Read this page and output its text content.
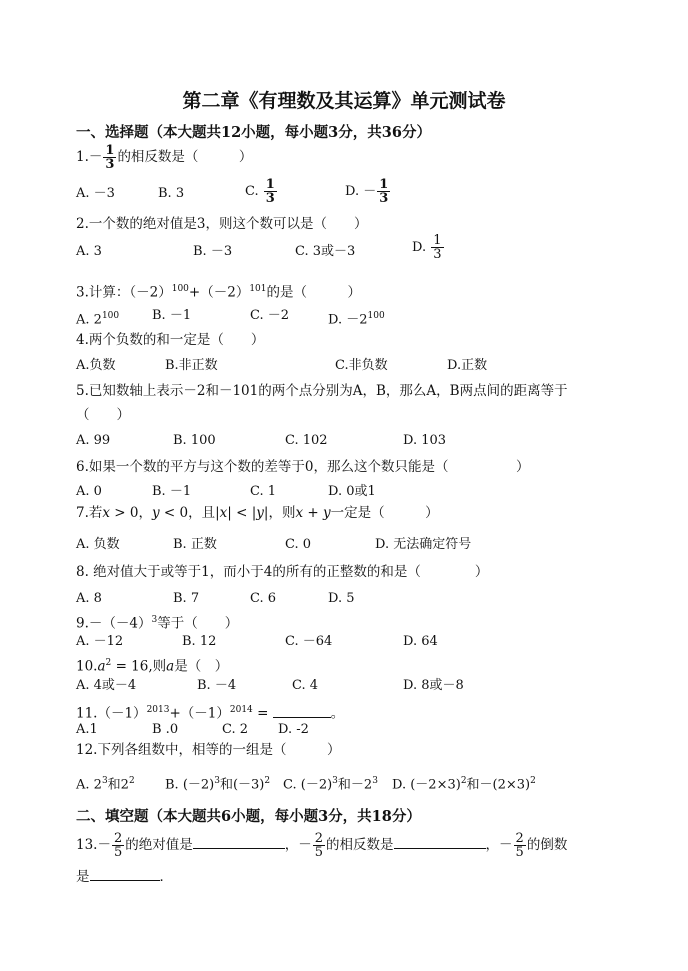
第二章《有理数及其运算》单元测试卷
一、选择题（本大题共12小题，每小题3分，共36分）
$1.- \frac{1}{3}$ 的相反数是（　　　）
A. －3	B. 3	C. $\frac{1}{3}$	D. － $\frac{1}{3}$
2.一个数的绝对值是3，则这个数可以是（　　）
A. 3	B. －3	C. 3或－3	D. $\frac{1}{3}$
3.计算：$(-2)^{100}+(-2)^{101}$的是（　　　）
A. $2^{100}$	B. －1	C. －2	D. $-2^{100}$
4.两个负数的和一定是（　　）
A.负数	B.非正数	C.非负数	D.正数
5.已知数轴上表示－2和－101的两个点分别为A，B，那么A，B两点间的距离等于
（　　）
A. 99	B. 100	C. 102	D. 103
6.如果一个数的平方与这个数的差等于0，那么这个数只能是（　　　　　）
A. 0	B. －1	C. 1	D. 0或1
7.若x > 0，y < 0，且|x| < |y|，则x + y一定是（　　　）
A. 负数	B. 正数	C. 0	D. 无法确定符号
8. 绝对值大于或等于1，而小于4的所有的正整数的和是（　　　　）
A. 8	B. 7	C. 6	D. 5
$9.-(-4)^3$等于（　　）
A. －12	B. 12	C. －64	D. 64
$10.a^2 = 16$,则a是（　）
A. 4或－4	B. －4	C. 4	D. 8或－8
$11.(-1)^{2013}+(-1)^{2014}$ =	。
A.1	B .0	C. 2 D. -2
12.下列各组数中，相等的一组是（　　　）
A. $2^3$和$2^2$ B. $(-2)^3$和$(-3)^2$ C. $(-2)^3$和$-2^3$ D. $(-2\times 3)^2$和$-(2\times 3)^2$
二、填空题（本大题共6小题，每小题3分，共18分）
$13.- \frac{2}{5}$ 的绝对值是	，－ $\frac{2}{5}$ 的相反数是	，－ $\frac{2}{5}$ 的倒数
是	．
